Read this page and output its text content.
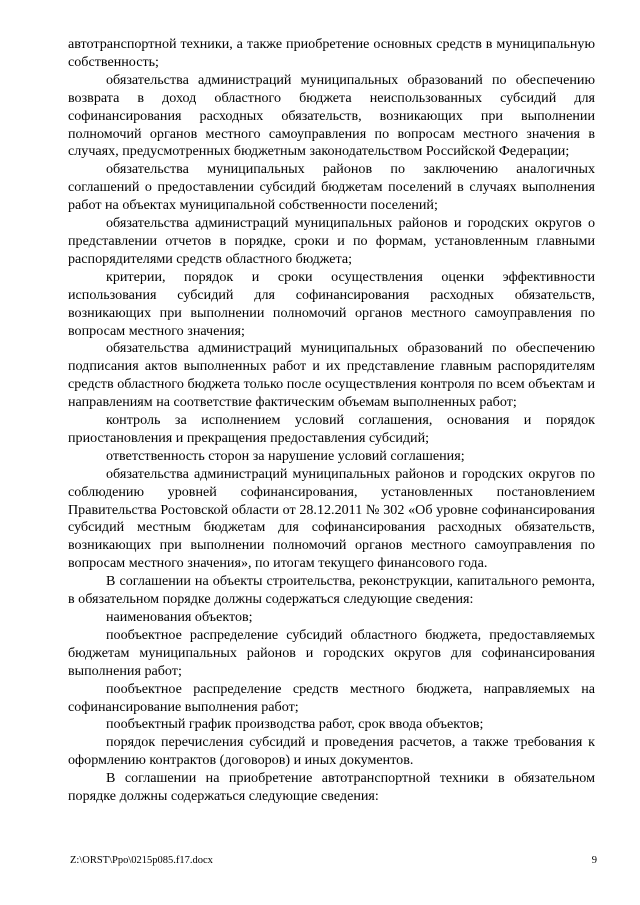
автотранспортной техники, а также приобретение основных средств в муниципальную собственность;

обязательства администраций муниципальных образований по обеспечению возврата в доход областного бюджета неиспользованных субсидий для софинансирования расходных обязательств, возникающих при выполнении полномочий органов местного самоуправления по вопросам местного значения в случаях, предусмотренных бюджетным законодательством Российской Федерации;

обязательства муниципальных районов по заключению аналогичных соглашений о предоставлении субсидий бюджетам поселений в случаях выполнения работ на объектах муниципальной собственности поселений;

обязательства администраций муниципальных районов и городских округов о представлении отчетов в порядке, сроки и по формам, установленным главными распорядителями средств областного бюджета;

критерии, порядок и сроки осуществления оценки эффективности использования субсидий для софинансирования расходных обязательств, возникающих при выполнении полномочий органов местного самоуправления по вопросам местного значения;

обязательства администраций муниципальных образований по обеспечению подписания актов выполненных работ и их представление главным распорядителям средств областного бюджета только после осуществления контроля по всем объектам и направлениям на соответствие фактическим объемам выполненных работ;

контроль за исполнением условий соглашения, основания и порядок приостановления и прекращения предоставления субсидий;

ответственность сторон за нарушение условий соглашения;

обязательства администраций муниципальных районов и городских округов по соблюдению уровней софинансирования, установленных постановлением Правительства Ростовской области от 28.12.2011 № 302 «Об уровне софинансирования субсидий местным бюджетам для софинансирования расходных обязательств, возникающих при выполнении полномочий органов местного самоуправления по вопросам местного значения», по итогам текущего финансового года.

В соглашении на объекты строительства, реконструкции, капитального ремонта, в обязательном порядке должны содержаться следующие сведения:

наименования объектов;

пообъектное распределение субсидий областного бюджета, предоставляемых бюджетам муниципальных районов и городских округов для софинансирования выполнения работ;

пообъектное распределение средств местного бюджета, направляемых на софинансирование выполнения работ;

пообъектный график производства работ, срок ввода объектов;

порядок перечисления субсидий и проведения расчетов, а также требования к оформлению контрактов (договоров) и иных документов.

В соглашении на приобретение автотранспортной техники в обязательном порядке должны содержаться следующие сведения:

Z:\ORST\Ppo\0215p085.f17.docx	9
